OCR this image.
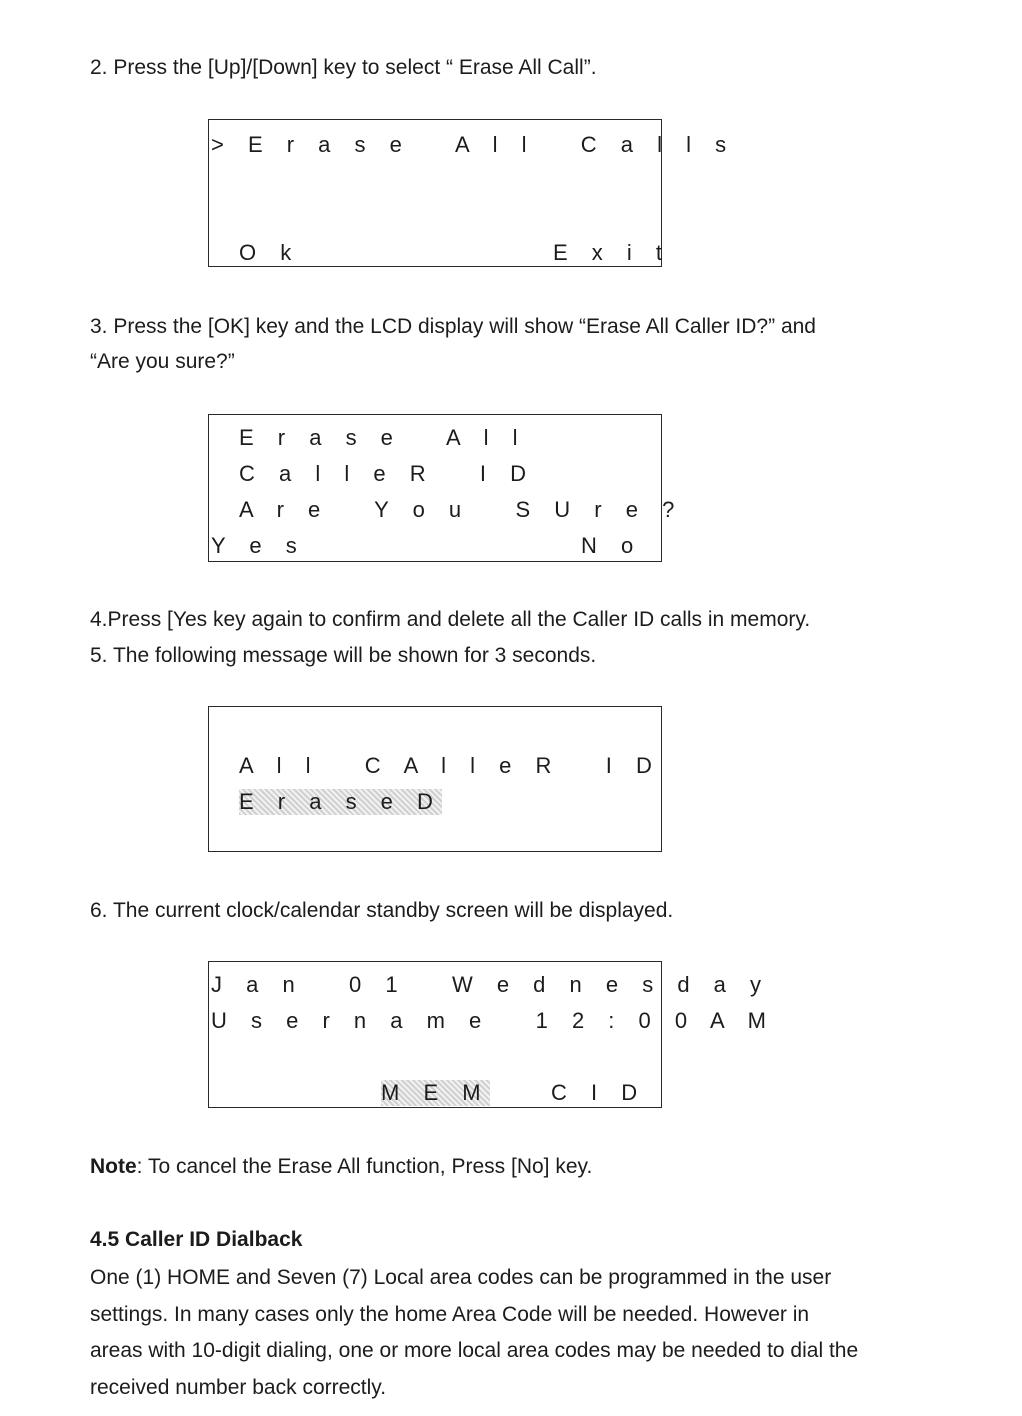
2. Press the [Up]/[Down] key to select “ Erase All Call”.

> E r a s e   A l l   C a l l s
O k	E x i t

3. Press the [OK] key and the LCD display will show “Erase All Caller ID?” and

“Are you sure?”

E r a s e   A l l
C a l l e R   I D
A r e   Y o u   S U r e ?
Y e s	N o

4.Press [Yes key again to confirm and delete all the Caller ID calls in memory.

5. The following message will be shown for 3 seconds.

A l l   C A l l e R   I D
E r a s e D

6. The current clock/calendar standby screen will be displayed.

J a n   0 1   W e d n e s d a y
U s e r n a m e   1 2 : 0 0 A M
M E M	C I D

Note: To cancel the Erase All function, Press [No] key.

4.5 Caller ID Dialback

One (1) HOME and Seven (7) Local area codes can be programmed in the user
settings. In many cases only the home Area Code will be needed. However in
areas with 10-digit dialing, one or more local area codes may be needed to dial the
received number back correctly.
